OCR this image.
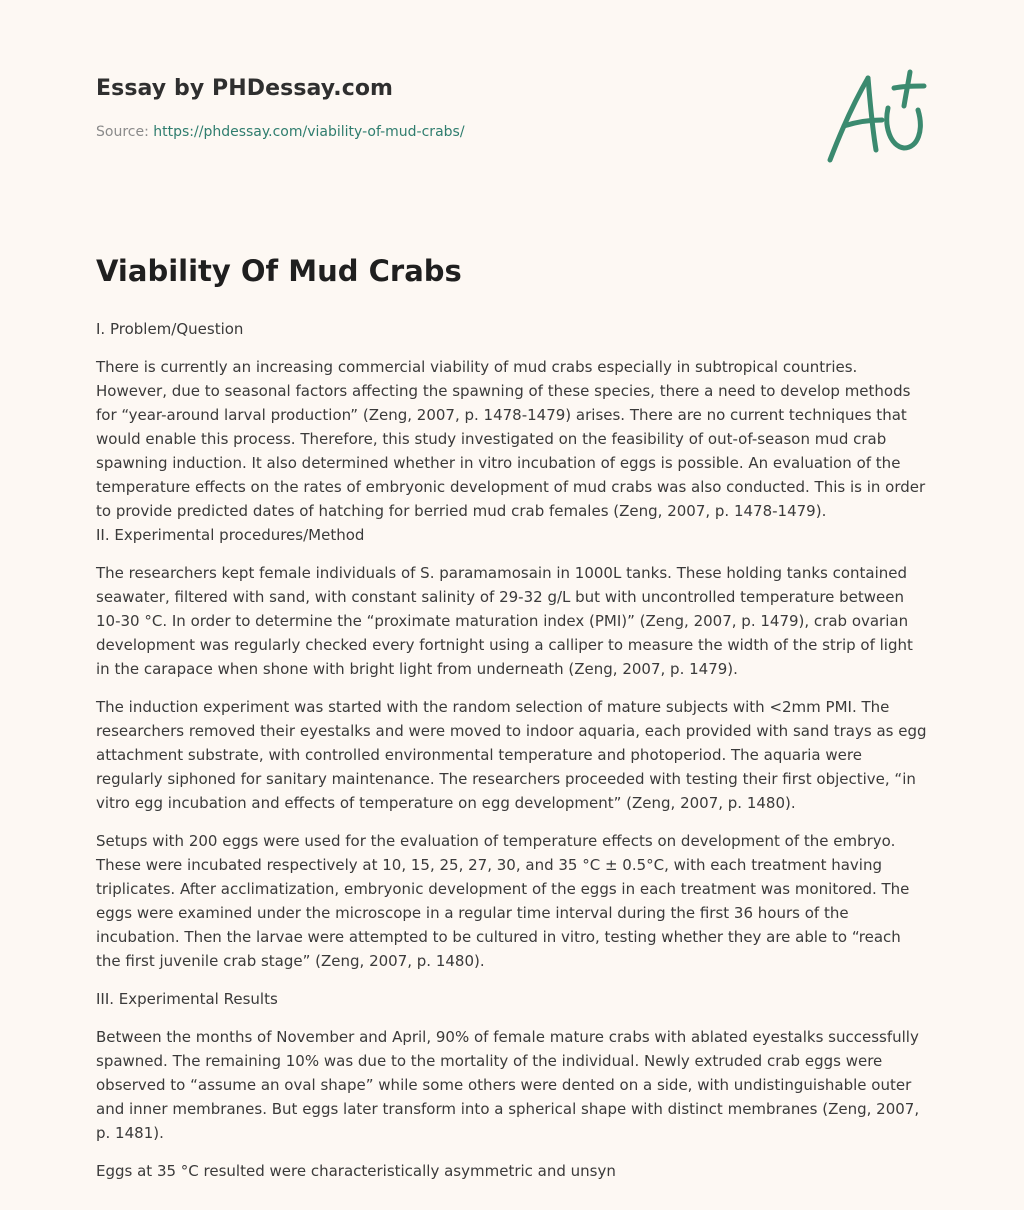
Essay by PHDessay.com
Source: https://phdessay.com/viability-of-mud-crabs/
Viability Of Mud Crabs

I. Problem/Question

There is currently an increasing commercial viability of mud crabs especially in subtropical countries. However, due to seasonal factors affecting the spawning of these species, there a need to develop methods for “year-around larval production” (Zeng, 2007, p. 1478-1479) arises. There are no current techniques that would enable this process. Therefore, this study investigated on the feasibility of out-of-season mud crab spawning induction. It also determined whether in vitro incubation of eggs is possible. An evaluation of the temperature effects on the rates of embryonic development of mud crabs was also conducted. This is in order to provide predicted dates of hatching for berried mud crab females (Zeng, 2007, p. 1478-1479).

II. Experimental procedures/Method

The researchers kept female individuals of S. paramamosain in 1000L tanks. These holding tanks contained seawater, filtered with sand, with constant salinity of 29-32 g/L but with uncontrolled temperature between 10-30 °C. In order to determine the “proximate maturation index (PMI)” (Zeng, 2007, p. 1479), crab ovarian development was regularly checked every fortnight using a calliper to measure the width of the strip of light in the carapace when shone with bright light from underneath (Zeng, 2007, p. 1479).

The induction experiment was started with the random selection of mature subjects with <2mm PMI. The researchers removed their eyestalks and were moved to indoor aquaria, each provided with sand trays as egg attachment substrate, with controlled environmental temperature and photoperiod. The aquaria were regularly siphoned for sanitary maintenance. The researchers proceeded with testing their first objective, “in vitro egg incubation and effects of temperature on egg development” (Zeng, 2007, p. 1480).

Setups with 200 eggs were used for the evaluation of temperature effects on development of the embryo. These were incubated respectively at 10, 15, 25, 27, 30, and 35 °C ± 0.5°C, with each treatment having triplicates. After acclimatization, embryonic development of the eggs in each treatment was monitored. The eggs were examined under the microscope in a regular time interval during the first 36 hours of the incubation. Then the larvae were attempted to be cultured in vitro, testing whether they are able to “reach the first juvenile crab stage” (Zeng, 2007, p. 1480).

III. Experimental Results

Between the months of November and April, 90% of female mature crabs with ablated eyestalks successfully spawned. The remaining 10% was due to the mortality of the individual. Newly extruded crab eggs were observed to “assume an oval shape” while some others were dented on a side, with undistinguishable outer and inner membranes. But eggs later transform into a spherical shape with distinct membranes (Zeng, 2007, p. 1481).

Eggs at 35 °C resulted were characteristically asymmetric and unsyn
